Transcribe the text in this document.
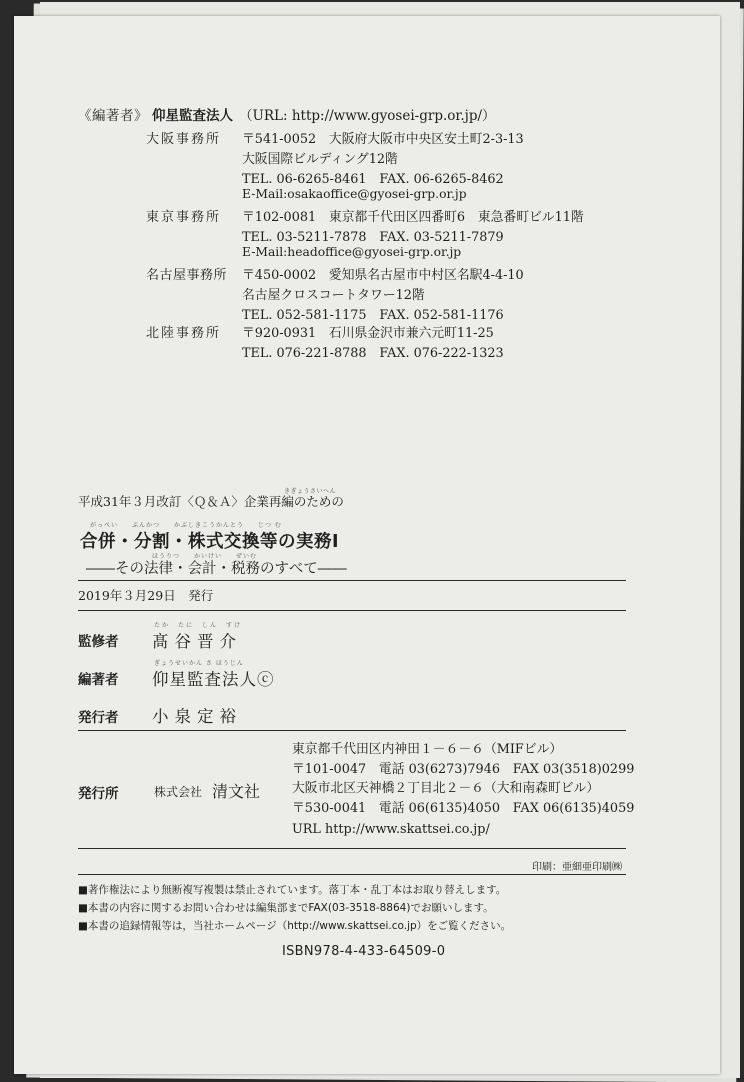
《編著者》 仰星監査法人 （URL: http://www.gyosei-grp.or.jp/）
大阪事務所 〒541-0052　大阪府大阪市中央区安土町2-3-13
大阪国際ビルディング12階
TEL. 06-6265-8461　FAX. 06-6265-8462
E-Mail:osakaoffice@gyosei-grp.or.jp
東京事務所 〒102-0081　東京都千代田区四番町6　東急番町ビル11階
TEL. 03-5211-7878　FAX. 03-5211-7879
E-Mail:headoffice@gyosei-grp.or.jp
名古屋事務所 〒450-0002　愛知県名古屋市中村区名駅4-4-10
名古屋クロスコートタワー12階
TEL. 052-581-1175　FAX. 052-581-1176
北陸事務所 〒920-0931　石川県金沢市兼六元町11-25
TEL. 076-221-8788　FAX. 076-222-1323
きぎょうさいへん
平成31年３月改訂〈Ｑ＆Ａ〉企業再編のための
がっぺい　　ぶんかつ　　かぶしきこうかんとう　　じつ む
合併・分割・株式交換等の実務Ⅰ
ほうりつ　　かいけい　　ぜいむ
――その法律・会計・税務のすべて――
2019年３月29日　発行
監修者
たか　たに　しん　すけ
髙谷晋介
編著者
ぎょうせいかん さ ほうじん
仰星監査法人ⓒ
発行者 小泉定裕
発行所	株式会社 清文社
東京都千代田区内神田１－６－６（MIFビル）
〒101-0047　電話 03(6273)7946　FAX 03(3518)0299
大阪市北区天神橋２丁目北２－６（大和南森町ビル）
〒530-0041　電話 06(6135)4050　FAX 06(6135)4059
URL http://www.skattsei.co.jp/
印刷：亜細亜印刷㈱
■著作権法により無断複写複製は禁止されています。落丁本・乱丁本はお取り替えします。
■本書の内容に関するお問い合わせは編集部までFAX(03-3518-8864)でお願いします。
■本書の追録情報等は，当社ホームページ（http://www.skattsei.co.jp）をご覧ください。
ISBN978-4-433-64509-0
